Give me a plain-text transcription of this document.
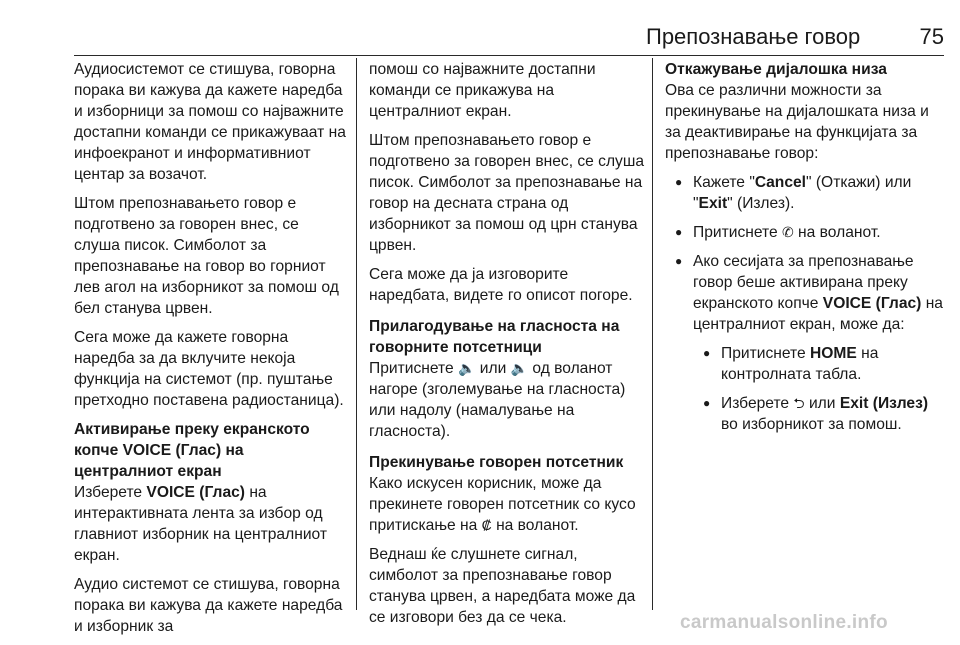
Препознавање говор	75

Аудиосистемот се стишува, говорна порака ви кажува да кажете наредба и изборници за помош со најважните достапни команди се прикажуваат на инфоекранот и информативниот центар за возачот.

Штом препознавањето говор е подготвено за говорен внес, се слуша писок. Симболот за препознавање на говор во горниот лев агол на изборникот за помош од бел станува црвен.

Сега може да кажете говорна наредба за да вклучите некоја функција на системот (пр. пуштање претходно поставена радиостаница).

Активирање преку екранското копче VOICE (Глас) на централниот екран

Изберете VOICE (Глас) на интерактивната лента за избор од главниот изборник на централниот екран.

Аудио системот се стишува, говорна порака ви кажува да кажете наредба и изборник за

помош со најважните достапни команди се прикажува на централниот екран.

Штом препознавањето говор е подготвено за говорен внес, се слуша писок. Симболот за препознавање на говор на десната страна од изборникот за помош од црн станува црвен.

Сега може да ја изговорите наредбата, видете го описот погоре.

Прилагодување на гласноста на говорните потсетници

Притиснете 🔈 или 🔈 од воланот нагоре (зголемување на гласноста) или надолу (намалување на гласноста).

Прекинување говорен потсетник

Како искусен корисник, може да прекинете говорен потсетник со кусо притискање на ₡ на воланот.

Веднаш ќе слушнете сигнал, симболот за препознавање говор станува црвен, а наредбата може да се изговори без да се чека.

Откажување дијалошка низа

Ова се различни можности за прекинување на дијалошката низа и за деактивирање на функцијата за препознавање говор:

● Кажете "Cancel" (Откажи) или "Exit" (Излез).
● Притиснете ✆ на воланот.
● Ако сесијата за препознавање говор беше активирана преку екранското копче VOICE (Глас) на централниот екран, може да:
● Притиснете HOME на контролната табла.
● Изберете ⮌ или Exit (Излез) во изборникот за помош.
carmanualsonline.info
